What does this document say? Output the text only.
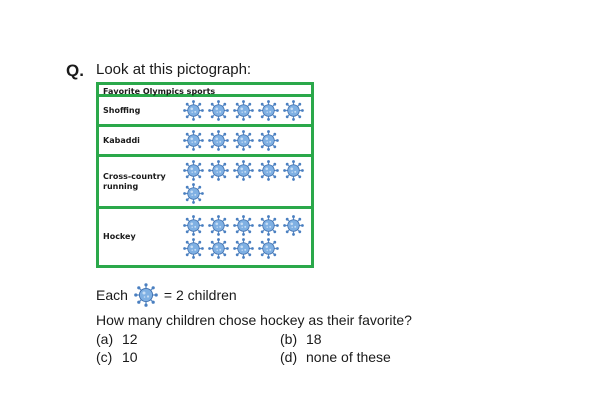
Q. Look at this pictograph:
Favorite Olympics sports
Shoffing
Kabaddi
Cross-country running
Hockey
Each	= 2 children
How many children chose hockey as their favorite?
(a) 12	(b) 18
(c) 10	(d) none of these
